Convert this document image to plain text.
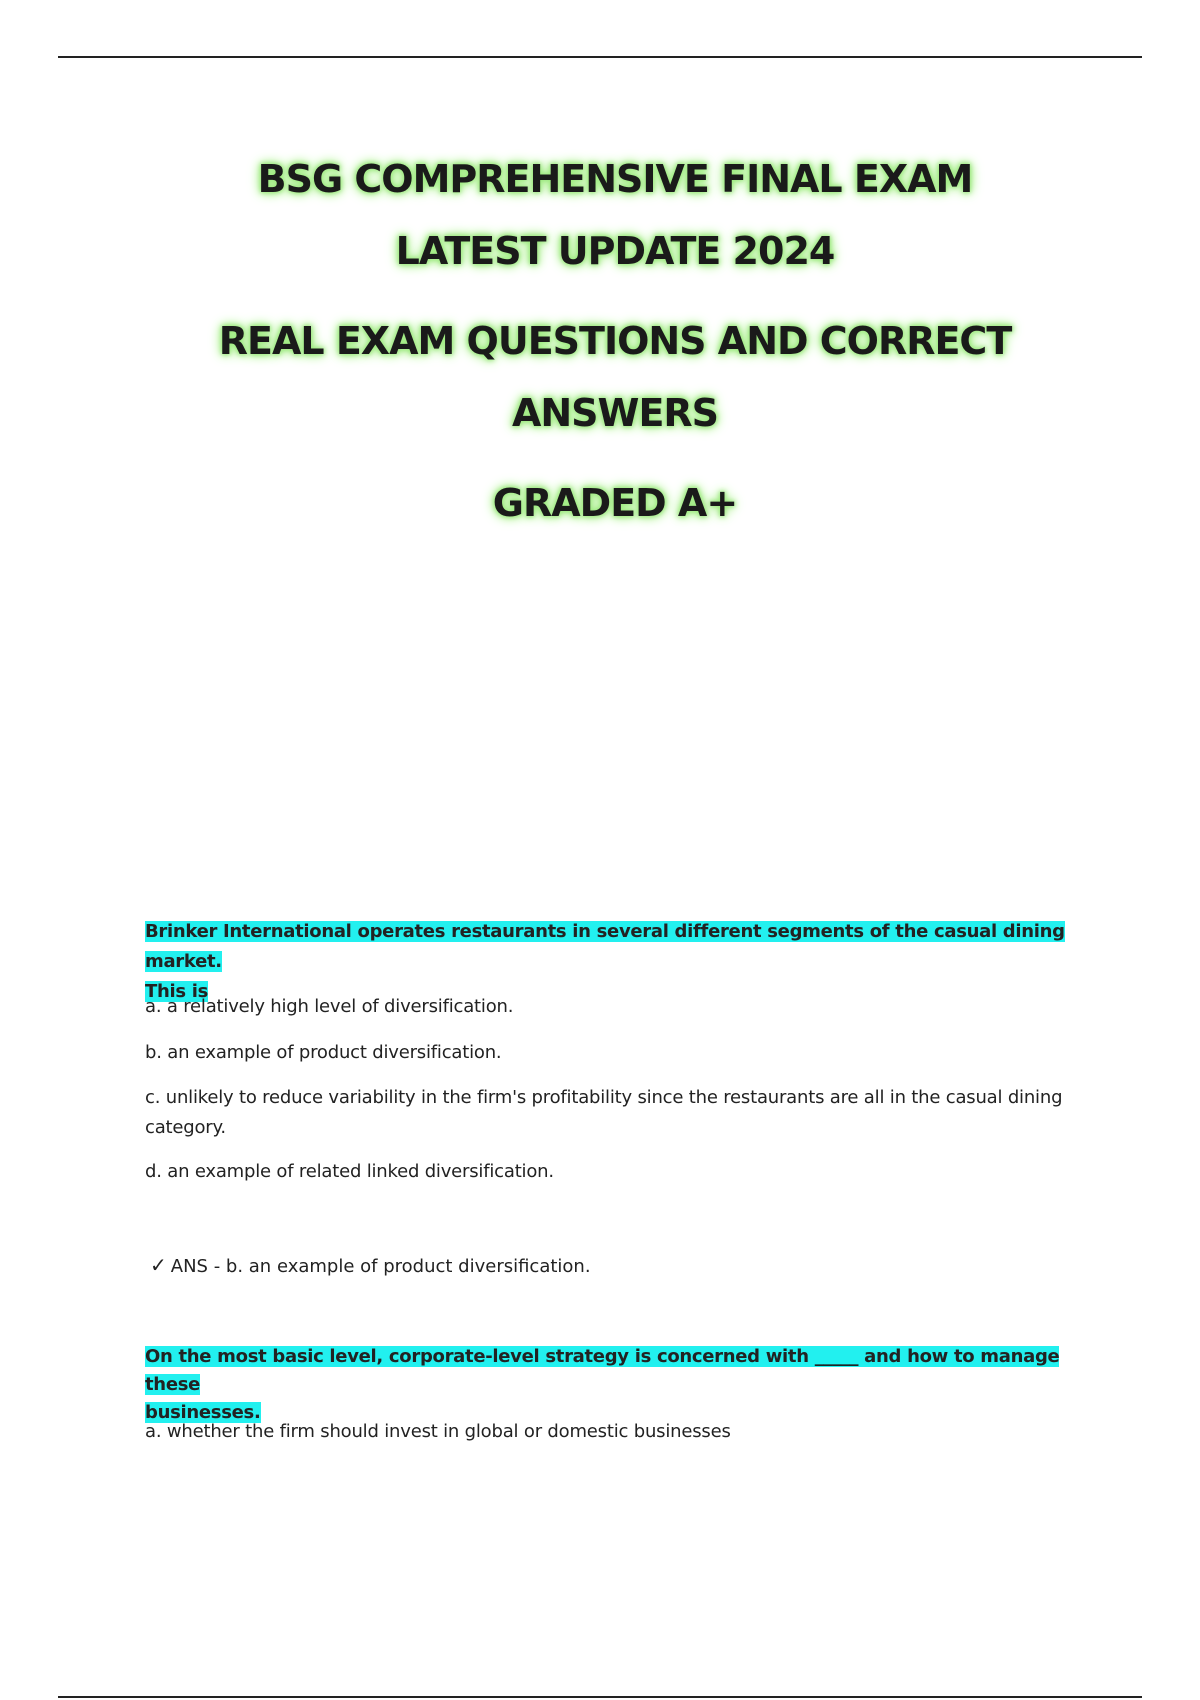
BSG COMPREHENSIVE FINAL EXAM
LATEST UPDATE 2024
REAL EXAM QUESTIONS AND CORRECT
ANSWERS
GRADED A+
Brinker International operates restaurants in several different segments of the casual dining market.
This is
a. a relatively high level of diversification.
b. an example of product diversification.
c. unlikely to reduce variability in the firm's profitability since the restaurants are all in the casual dining
category.
d. an example of related linked diversification.
✓ ANS - b. an example of product diversification.
On the most basic level, corporate-level strategy is concerned with _____ and how to manage these
businesses.
a. whether the firm should invest in global or domestic businesses
